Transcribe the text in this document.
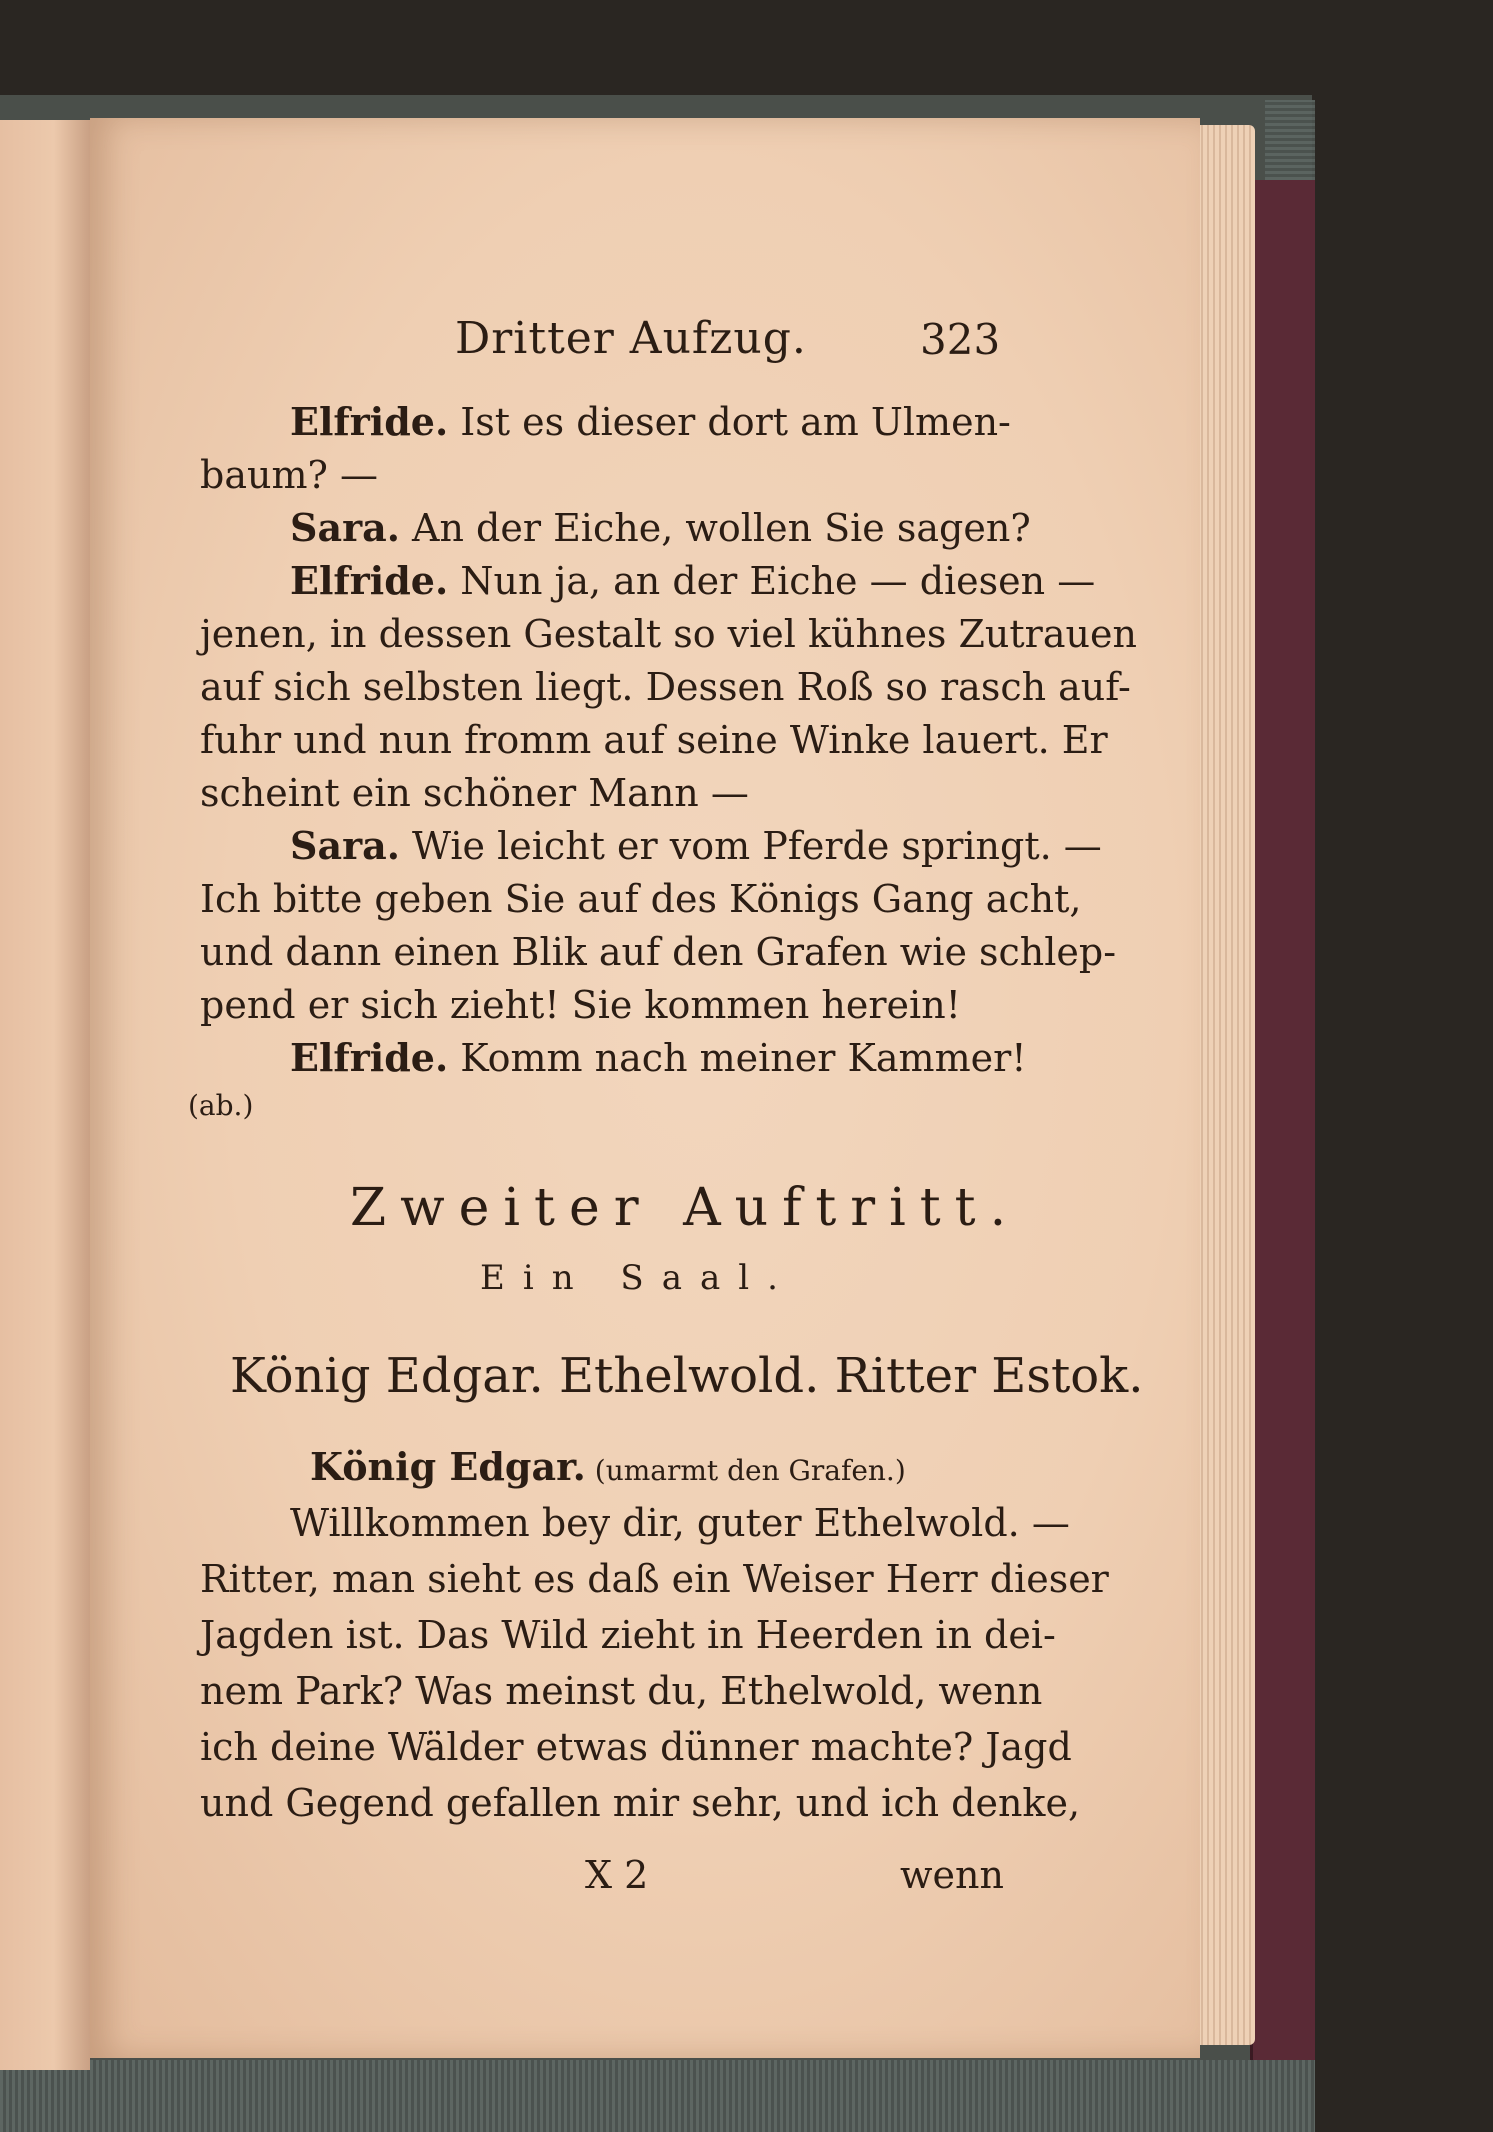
Dritter Aufzug.	323
Elfride. Ist es dieser dort am Ulmen-
baum? —
Sara. An der Eiche, wollen Sie sagen?
Elfride. Nun ja, an der Eiche — diesen —
jenen, in dessen Gestalt so viel kühnes Zutrauen
auf sich selbsten liegt. Dessen Roß so rasch auf-
fuhr und nun fromm auf seine Winke lauert. Er
scheint ein schöner Mann —
Sara. Wie leicht er vom Pferde springt. —
Ich bitte geben Sie auf des Königs Gang acht,
und dann einen Blik auf den Grafen wie schlep-
pend er sich zieht! Sie kommen herein!
Elfride. Komm nach meiner Kammer!
(ab.)
Zweiter Auftritt.
Ein Saal.
König Edgar. Ethelwold. Ritter Estok.
König Edgar. (umarmt den Grafen.)
Willkommen bey dir, guter Ethelwold. —
Ritter, man sieht es daß ein Weiser Herr dieser
Jagden ist. Das Wild zieht in Heerden in dei-
nem Park? Was meinst du, Ethelwold, wenn
ich deine Wälder etwas dünner machte? Jagd
und Gegend gefallen mir sehr, und ich denke,
X 2	wenn
